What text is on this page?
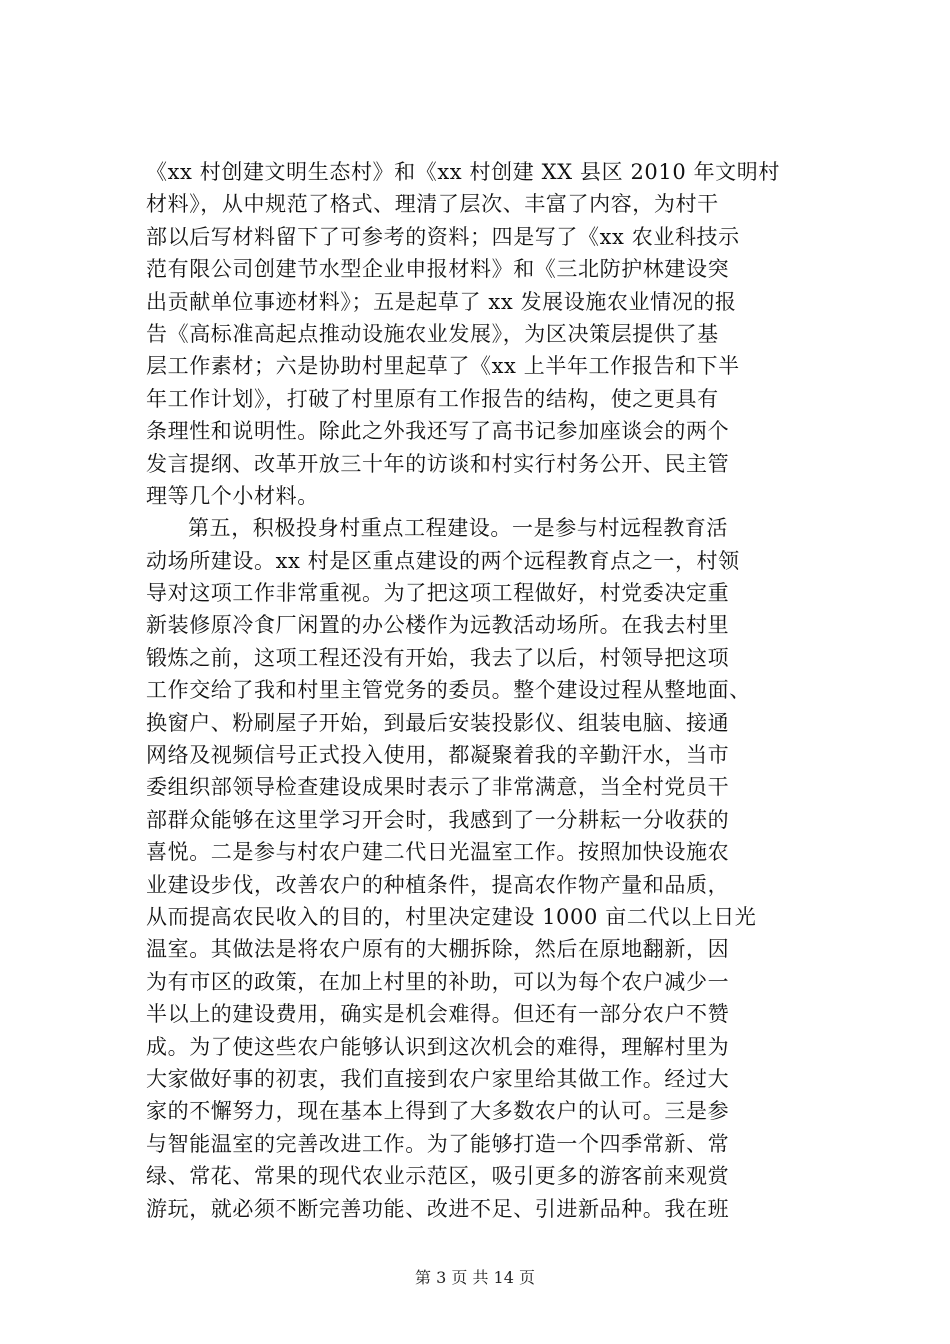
《xx 村创建文明生态村》和《xx 村创建 XX 县区 2010 年文明村
材料》，从中规范了格式、理清了层次、丰富了内容，为村干
部以后写材料留下了可参考的资料；四是写了《xx 农业科技示
范有限公司创建节水型企业申报材料》和《三北防护林建设突
出贡献单位事迹材料》；五是起草了 xx 发展设施农业情况的报
告《高标准高起点推动设施农业发展》，为区决策层提供了基
层工作素材；六是协助村里起草了《xx 上半年工作报告和下半
年工作计划》，打破了村里原有工作报告的结构，使之更具有
条理性和说明性。除此之外我还写了高书记参加座谈会的两个
发言提纲、改革开放三十年的访谈和村实行村务公开、民主管
理等几个小材料。
第五，积极投身村重点工程建设。一是参与村远程教育活
动场所建设。xx 村是区重点建设的两个远程教育点之一，村领
导对这项工作非常重视。为了把这项工程做好，村党委决定重
新装修原冷食厂闲置的办公楼作为远教活动场所。在我去村里
锻炼之前，这项工程还没有开始，我去了以后，村领导把这项
工作交给了我和村里主管党务的委员。整个建设过程从整地面、
换窗户、粉刷屋子开始，到最后安装投影仪、组装电脑、接通
网络及视频信号正式投入使用，都凝聚着我的辛勤汗水，当市
委组织部领导检查建设成果时表示了非常满意，当全村党员干
部群众能够在这里学习开会时，我感到了一分耕耘一分收获的
喜悦。二是参与村农户建二代日光温室工作。按照加快设施农
业建设步伐，改善农户的种植条件，提高农作物产量和品质，
从而提高农民收入的目的，村里决定建设 1000 亩二代以上日光
温室。其做法是将农户原有的大棚拆除，然后在原地翻新，因
为有市区的政策，在加上村里的补助，可以为每个农户减少一
半以上的建设费用，确实是机会难得。但还有一部分农户不赞
成。为了使这些农户能够认识到这次机会的难得，理解村里为
大家做好事的初衷，我们直接到农户家里给其做工作。经过大
家的不懈努力，现在基本上得到了大多数农户的认可。三是参
与智能温室的完善改进工作。为了能够打造一个四季常新、常
绿、常花、常果的现代农业示范区，吸引更多的游客前来观赏
游玩，就必须不断完善功能、改进不足、引进新品种。我在班
第 3 页 共 14 页
